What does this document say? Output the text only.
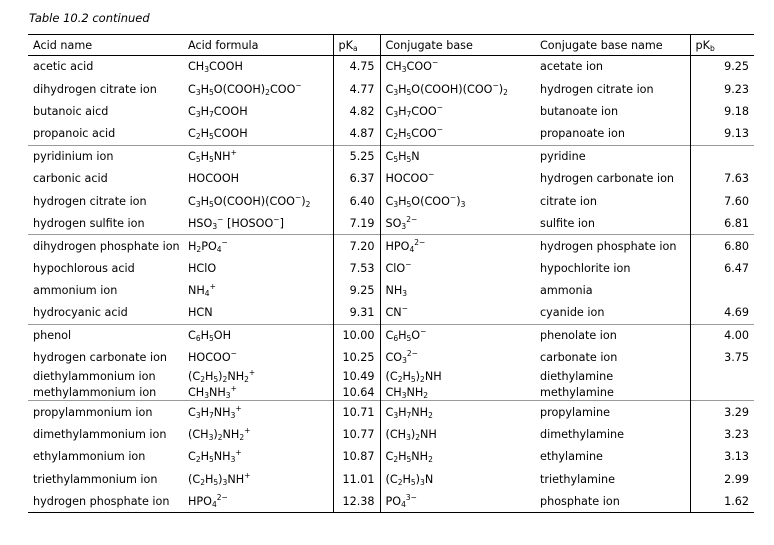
Table 10.2 continued
Acid name	Acid formula	$pK_a$	Conjugate base	Conjugate base name	$pK_b$
acetic acid	$CH_3COOH$	4.75	$CH_3COO^-$	acetate ion	9.25
dihydrogen citrate ion	$C_3H_5O(COOH)_2COO^-$	4.77	$C_3H_5O(COOH)(COO^-)_2$	hydrogen citrate ion	9.23
butanoic aicd	$C_3H_7COOH$	4.82	$C_3H_7COO^-$	butanoate ion	9.18
propanoic acid	$C_2H_5COOH$	4.87	$C_2H_5COO^-$	propanoate ion	9.13
pyridinium ion	$C_5H_5NH^+$	5.25	$C_5H_5N$	pyridine	
carbonic acid	HOCOOH	6.37	HOCOO−	hydrogen carbonate ion	7.63
hydrogen citrate ion	$C_3H_5O(COOH)(COO^-)_2$	6.40	$C_3H_5O(COO^-)_3$	citrate ion	7.60
hydrogen sulfite ion	$HSO_3^-$ [HOSOO−]	7.19	$SO_3^{2-}$	sulfite ion	6.81
dihydrogen phosphate ion	$H_2PO_4^-$	7.20	$HPO_4^{2-}$	hydrogen phosphate ion	6.80
hypochlorous acid	HClO	7.53	ClO−	hypochlorite ion	6.47
ammonium ion	$NH_4^+$	9.25	$NH_3$	ammonia	
hydrocyanic acid	HCN	9.31	CN−	cyanide ion	4.69
phenol	$C_6H_5OH$	10.00	$C_6H_5O^-$	phenolate ion	4.00
hydrogen carbonate ion	HOCOO−	10.25	$CO_3^{2-}$	carbonate ion	3.75
diethylammonium ion	$(C_2H_5)_2NH_2^+$	10.49	$(C_2H_5)_2NH$	diethylamine	
methylammonium ion	$CH_3NH_3^+$	10.64	$CH_3NH_2$	methylamine	
propylammonium ion	$C_3H_7NH_3^+$	10.71	$C_3H_7NH_2$	propylamine	3.29
dimethylammonium ion	$(CH_3)_2NH_2^+$	10.77	$(CH_3)_2NH$	dimethylamine	3.23
ethylammonium ion	$C_2H_5NH_3^+$	10.87	$C_2H_5NH_2$	ethylamine	3.13
triethylammonium ion	$(C_2H_5)_3NH^+$	11.01	$(C_2H_5)_3N$	triethylamine	2.99
hydrogen phosphate ion	$HPO_4^{2-}$	12.38	$PO_4^{3-}$	phosphate ion	1.62
